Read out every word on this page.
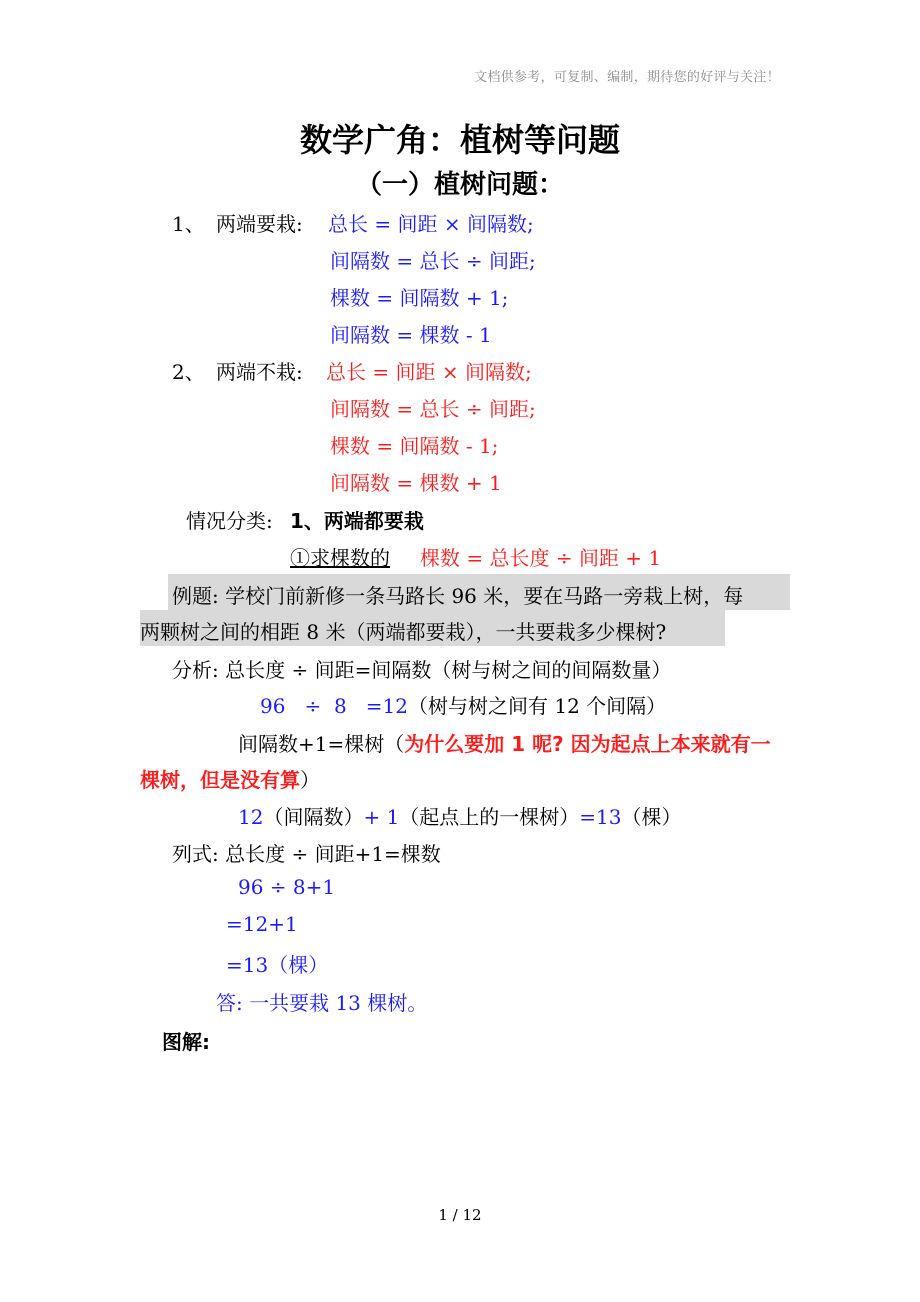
文档供参考，可复制、编制，期待您的好评与关注！
数学广角：植树等问题
（一）植树问题：
1、 两端要栽: 总长 = 间距 × 间隔数;
间隔数 = 总长 ÷ 间距;
棵数 = 间隔数 + 1;
间隔数 = 棵数 - 1
2、 两端不栽: 总长 = 间距 × 间隔数;
间隔数 = 总长 ÷ 间距;
棵数 = 间隔数 - 1;
间隔数 = 棵数 + 1
情况分类: 1、两端都要栽
①求棵数的 棵数 = 总长度 ÷ 间距 + 1
例题: 学校门前新修一条马路长 96 米，要在马路一旁栽上树，每
两颗树之间的相距 8 米（两端都要栽），一共要栽多少棵树?
分析: 总长度 ÷ 间距=间隔数（树与树之间的间隔数量）
96   ÷  8   =12（树与树之间有 12 个间隔）
间隔数+1=棵树（为什么要加 1 呢? 因为起点上本来就有一
棵树，但是没有算）
12（间隔数）+ 1（起点上的一棵树）=13（棵）
列式: 总长度 ÷ 间距+1=棵数
96 ÷ 8+1
=12+1
=13（棵）
答: 一共要栽 13 棵树。
图解:
1 / 12
